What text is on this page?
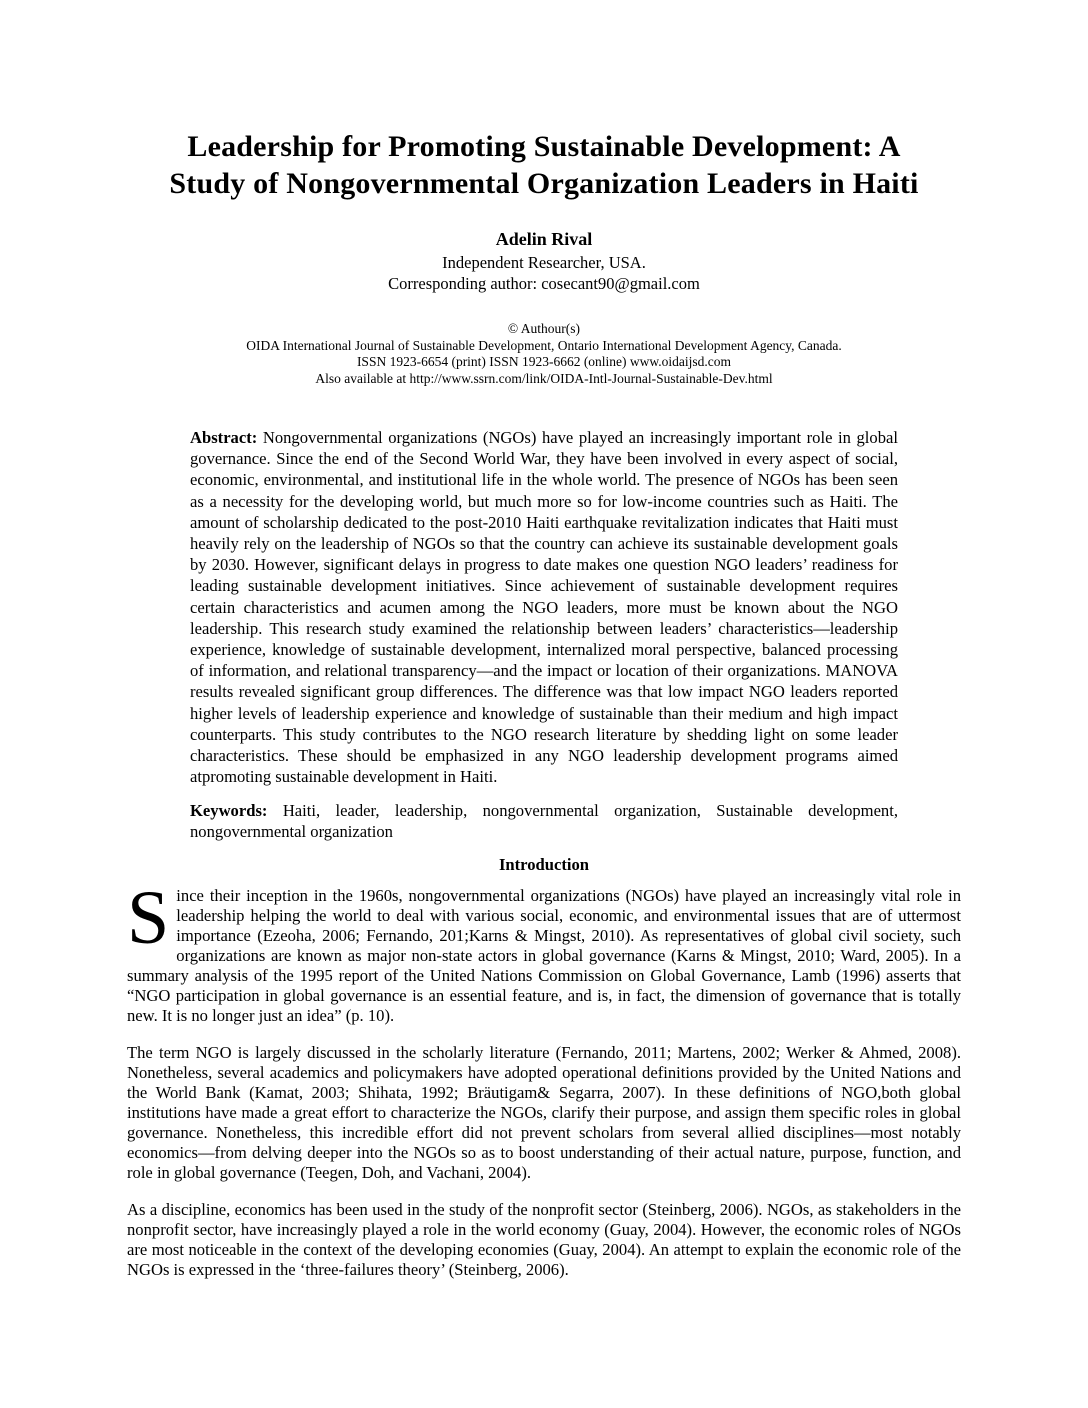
Leadership for Promoting Sustainable Development: A
Study of Nongovernmental Organization Leaders in Haiti
Adelin Rival
Independent Researcher, USA.
Corresponding author: cosecant90@gmail.com
© Authour(s)
OIDA International Journal of Sustainable Development, Ontario International Development Agency, Canada.
ISSN 1923-6654 (print) ISSN 1923-6662 (online) www.oidaijsd.com
Also available at http://www.ssrn.com/link/OIDA-Intl-Journal-Sustainable-Dev.html

Abstract: Nongovernmental organizations (NGOs) have played an increasingly important role in global governance. Since the end of the Second World War, they have been involved in every aspect of social, economic, environmental, and institutional life in the whole world. The presence of NGOs has been seen as a necessity for the developing world, but much more so for low-income countries such as Haiti. The amount of scholarship dedicated to the post-2010 Haiti earthquake revitalization indicates that Haiti must heavily rely on the leadership of NGOs so that the country can achieve its sustainable development goals by 2030. However, significant delays in progress to date makes one question NGO leaders’ readiness for leading sustainable development initiatives. Since achievement of sustainable development requires certain characteristics and acumen among the NGO leaders, more must be known about the NGO leadership. This research study examined the relationship between leaders’ characteristics—leadership experience, knowledge of sustainable development, internalized moral perspective, balanced processing of information, and relational transparency—and the impact or location of their organizations. MANOVA results revealed significant group differences. The difference was that low impact NGO leaders reported higher levels of leadership experience and knowledge of sustainable than their medium and high impact counterparts. This study contributes to the NGO research literature by shedding light on some leader characteristics. These should be emphasized in any NGO leadership development programs aimed atpromoting sustainable development in Haiti.

Keywords: Haiti, leader, leadership, nongovernmental organization, Sustainable development, nongovernmental organization

Introduction

Since their inception in the 1960s, nongovernmental organizations (NGOs) have played an increasingly vital role in leadership helping the world to deal with various social, economic, and environmental issues that are of uttermost importance (Ezeoha, 2006; Fernando, 201;Karns & Mingst, 2010). As representatives of global civil society, such organizations are known as major non-state actors in global governance (Karns & Mingst, 2010; Ward, 2005). In a summary analysis of the 1995 report of the United Nations Commission on Global Governance, Lamb (1996) asserts that “NGO participation in global governance is an essential feature, and is, in fact, the dimension of governance that is totally new. It is no longer just an idea” (p. 10).

The term NGO is largely discussed in the scholarly literature (Fernando, 2011; Martens, 2002; Werker & Ahmed, 2008). Nonetheless, several academics and policymakers have adopted operational definitions provided by the United Nations and the World Bank (Kamat, 2003; Shihata, 1992; Bräutigam& Segarra, 2007). In these definitions of NGO,both global institutions have made a great effort to characterize the NGOs, clarify their purpose, and assign them specific roles in global governance. Nonetheless, this incredible effort did not prevent scholars from several allied disciplines—most notably economics—from delving deeper into the NGOs so as to boost understanding of their actual nature, purpose, function, and role in global governance (Teegen, Doh, and Vachani, 2004).

As a discipline, economics has been used in the study of the nonprofit sector (Steinberg, 2006). NGOs, as stakeholders in the nonprofit sector, have increasingly played a role in the world economy (Guay, 2004). However, the economic roles of NGOs are most noticeable in the context of the developing economies (Guay, 2004). An attempt to explain the economic role of the NGOs is expressed in the ‘three-failures theory’ (Steinberg, 2006).
